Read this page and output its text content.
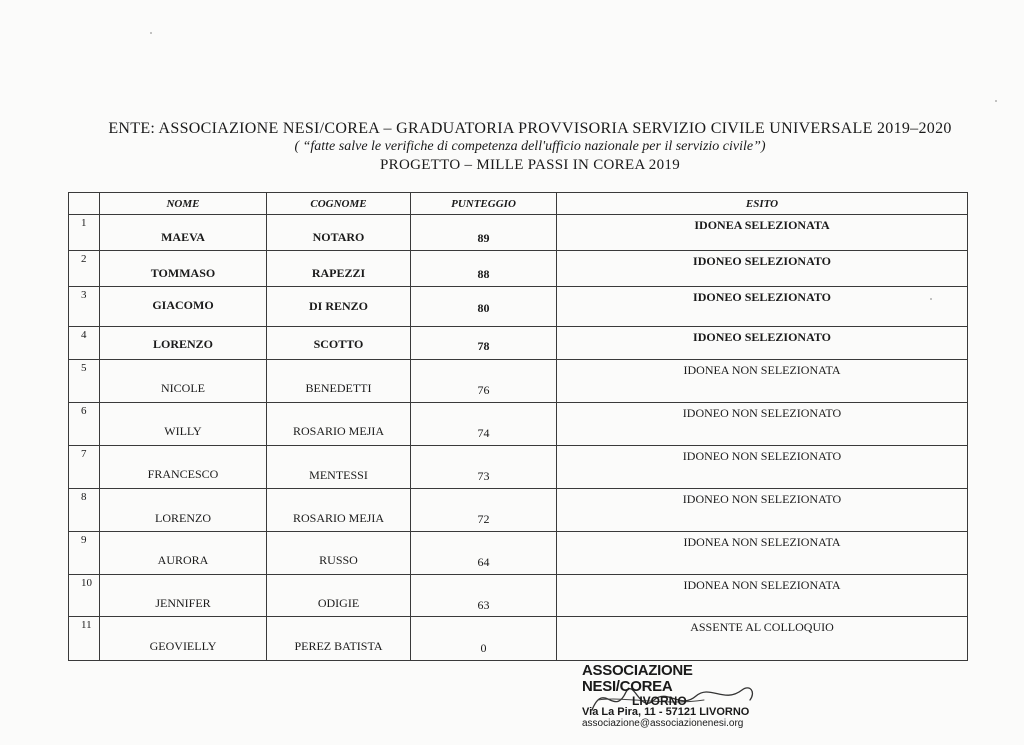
ENTE: ASSOCIAZIONE NESI/COREA – GRADUATORIA PROVVISORIA SERVIZIO CIVILE UNIVERSALE 2019–2020
( “fatte salve le verifiche di competenza dell'ufficio nazionale per il servizio civile”)
PROGETTO – MILLE PASSI IN COREA 2019
	NOME	COGNOME	PUNTEGGIO	ESITO

1	MAEVA	NOTARO	89	IDONEA SELEZIONATA

2	TOMMASO	RAPEZZI	88	IDONEO SELEZIONATO

3	GIACOMO	DI RENZO	80	IDONEO SELEZIONATO

4	LORENZO	SCOTTO	78	IDONEO SELEZIONATO

5	NICOLE	BENEDETTI	76	IDONEA NON SELEZIONATA

6	WILLY	ROSARIO MEJIA	74	IDONEO NON SELEZIONATO

7	FRANCESCO	MENTESSI	73	IDONEO NON SELEZIONATO

8	LORENZO	ROSARIO MEJIA	72	IDONEO NON SELEZIONATO

9	AURORA	RUSSO	64	IDONEA NON SELEZIONATA

10	JENNIFER	ODIGIE	63	IDONEA NON SELEZIONATA

11	GEOVIELLY	PEREZ BATISTA	0	ASSENTE AL COLLOQUIO
ASSOCIAZIONE NESI/COREA
LIVORNO
Via La Pira, 11 - 57121 LIVORNO
associazione@associazionenesi.org
